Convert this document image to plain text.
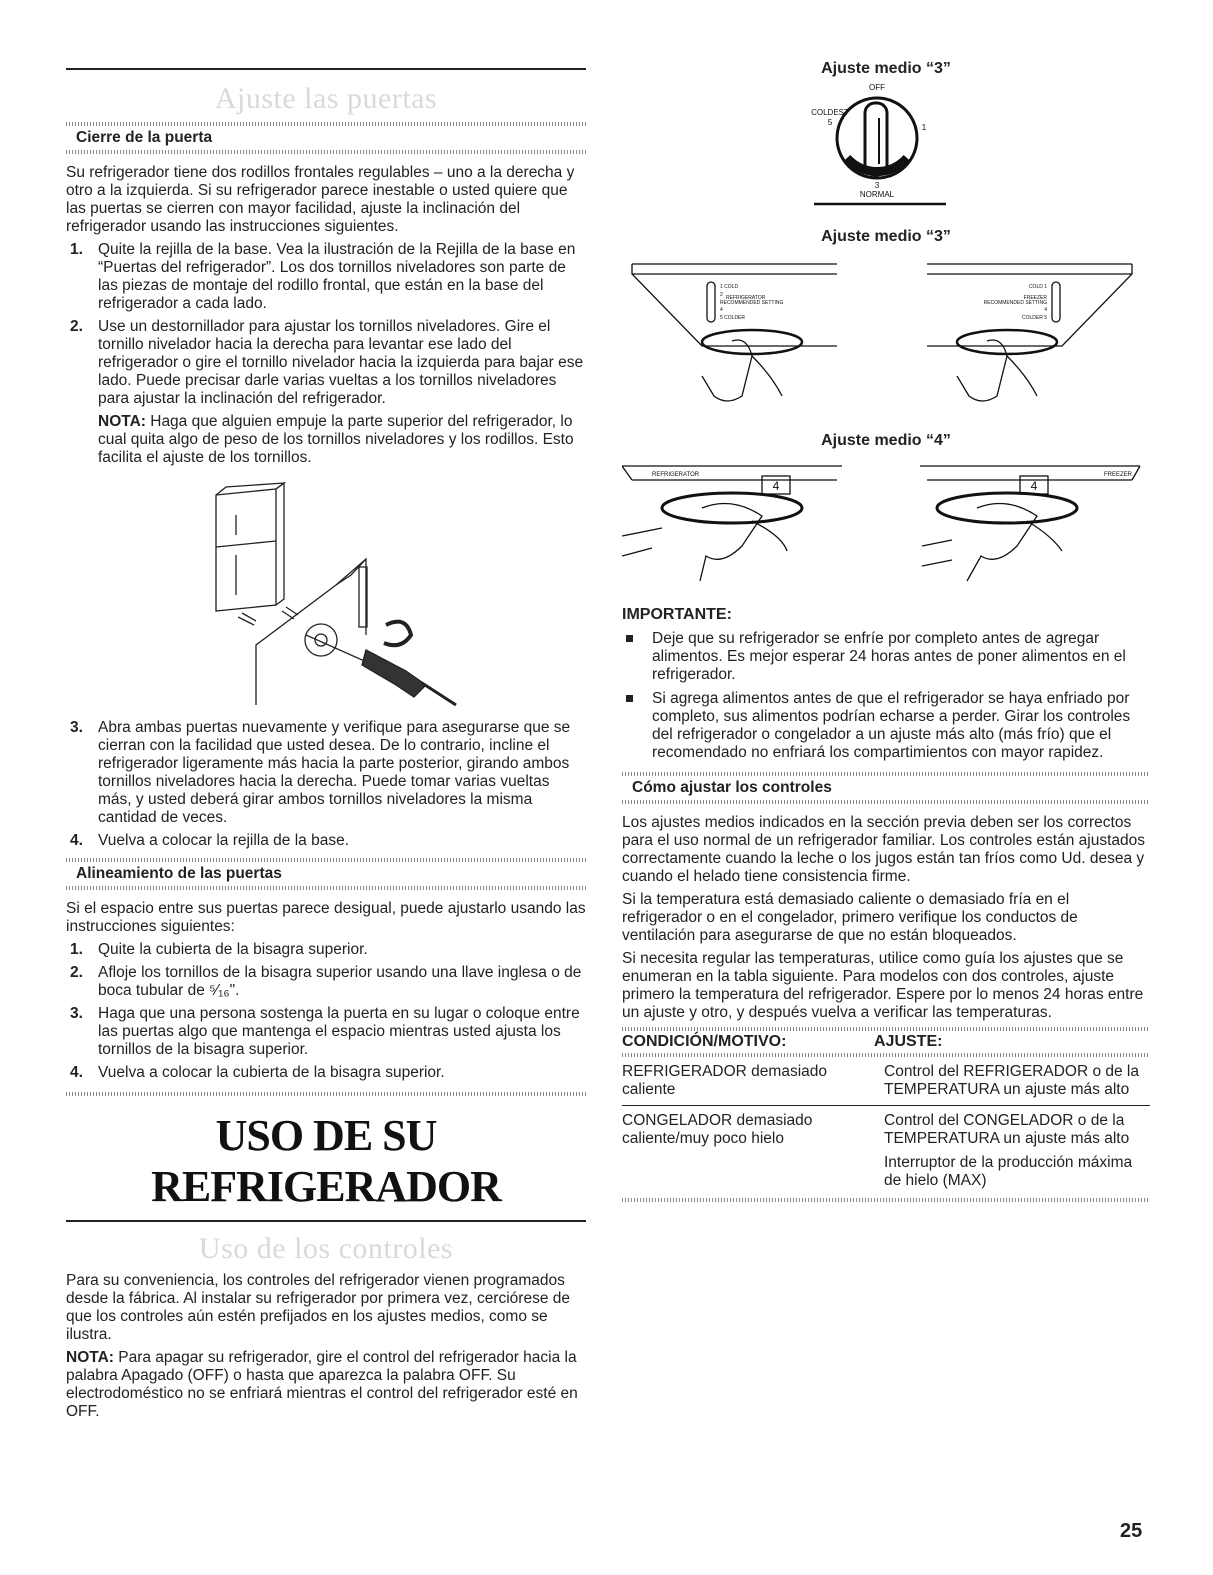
Ajuste las puertas
Cierre de la puerta

Su refrigerador tiene dos rodillos frontales regulables – uno a la derecha y otro a la izquierda. Si su refrigerador parece inestable o usted quiere que las puertas se cierren con mayor facilidad, ajuste la inclinación del refrigerador usando las instrucciones siguientes.

1. Quite la rejilla de la base. Vea la ilustración de la Rejilla de la base en “Puertas del refrigerador”. Los dos tornillos niveladores son parte de las piezas de montaje del rodillo frontal, que están en la base del refrigerador a cada lado.
2. Use un destornillador para ajustar los tornillos niveladores. Gire el tornillo nivelador hacia la derecha para levantar ese lado del refrigerador o gire el tornillo nivelador hacia la izquierda para bajar ese lado. Puede precisar darle varias vueltas a los tornillos niveladores para ajustar la inclinación del refrigerador.

NOTA: Haga que alguien empuje la parte superior del refrigerador, lo cual quita algo de peso de los tornillos niveladores y los rodillos. Esto facilita el ajuste de los tornillos.

3. Abra ambas puertas nuevamente y verifique para asegurarse que se cierran con la facilidad que usted desea. De lo contrario, incline el refrigerador ligeramente más hacia la parte posterior, girando ambos tornillos niveladores hacia la derecha. Puede tomar varias vueltas más, y usted deberá girar ambos tornillos niveladores la misma cantidad de veces.
4. Vuelva a colocar la rejilla de la base.
Alineamiento de las puertas

Si el espacio entre sus puertas parece desigual, puede ajustarlo usando las instrucciones siguientes:

1. Quite la cubierta de la bisagra superior.
2. Afloje los tornillos de la bisagra superior usando una llave inglesa o de boca tubular de ⁵⁄₁₆".
3. Haga que una persona sostenga la puerta en su lugar o coloque entre las puertas algo que mantenga el espacio mientras usted ajusta los tornillos de la bisagra superior.
4. Vuelva a colocar la cubierta de la bisagra superior.
USO DE SU REFRIGERADOR
Uso de los controles

Para su conveniencia, los controles del refrigerador vienen programados desde la fábrica. Al instalar su refrigerador por primera vez, cerciórese de que los controles aún estén prefijados en los ajustes medios, como se ilustra.

NOTA: Para apagar su refrigerador, gire el control del refrigerador hacia la palabra Apagado (OFF) o hasta que aparezca la palabra OFF. Su electrodoméstico no se enfriará mientras el control del refrigerador esté en OFF.

Ajuste medio “3”
OFF
COLDEST
5
1
3
NORMAL
Ajuste medio “3”
1 COLD
2 REFRIGERATOR
RECOMMENDED SETTING
4
5 COLDER
COLD 1
FREEZER
RECOMMENDED SETTING
4
COLDER 5
Ajuste medio “4”
REFRIGERATOR
4
FREEZER
4
IMPORTANTE:
Deje que su refrigerador se enfríe por completo antes de agregar alimentos. Es mejor esperar 24 horas antes de poner alimentos en el refrigerador.
Si agrega alimentos antes de que el refrigerador se haya enfriado por completo, sus alimentos podrían echarse a perder. Girar los controles del refrigerador o congelador a un ajuste más alto (más frío) que el recomendado no enfriará los compartimientos con mayor rapidez.
Cómo ajustar los controles

Los ajustes medios indicados en la sección previa deben ser los correctos para el uso normal de un refrigerador familiar. Los controles están ajustados correctamente cuando la leche o los jugos están tan fríos como Ud. desea y cuando el helado tiene consistencia firme.

Si la temperatura está demasiado caliente o demasiado fría en el refrigerador o en el congelador, primero verifique los conductos de ventilación para asegurarse de que no están bloqueados.

Si necesita regular las temperaturas, utilice como guía los ajustes que se enumeran en la tabla siguiente. Para modelos con dos controles, ajuste primero la temperatura del refrigerador. Espere por lo menos 24 horas entre un ajuste y otro, y después vuelva a verificar las temperaturas.

CONDICIÓN/MOTIVO:	AJUSTE:
REFRIGERADOR demasiado caliente	Control del REFRIGERADOR o de la TEMPERATURA un ajuste más alto

CONGELADOR demasiado caliente/muy poco hielo	Control del CONGELADOR o de la TEMPERATURA un ajuste más alto
Interruptor de la producción máxima de hielo (MAX)
25
